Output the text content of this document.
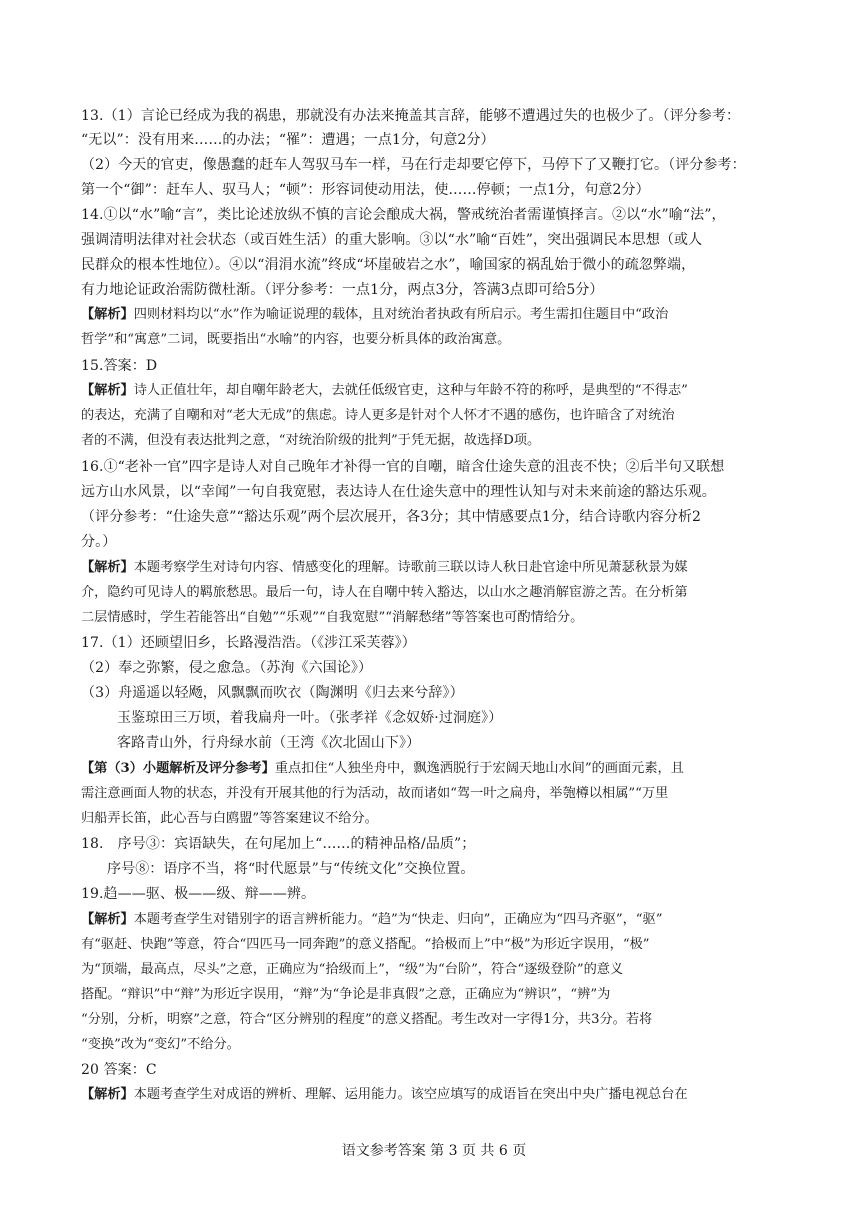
13.（1）言论已经成为我的祸患，那就没有办法来掩盖其言辞，能够不遭遇过失的也极少了。（评分参考：
“无以”：没有用来……的办法；“罹”：遭遇；一点1分，句意2分）
（2）今天的官吏，像愚蠢的赶车人驾驭马车一样，马在行走却要它停下，马停下了又鞭打它。（评分参考：
第一个“御”：赶车人、驭马人；“顿”：形容词使动用法，使……停顿；一点1分，句意2分）
14.①以“水”喻“言”，类比论述放纵不慎的言论会酿成大祸，警戒统治者需谨慎择言。②以“水”喻“法”，
强调清明法律对社会状态（或百姓生活）的重大影响。③以“水”喻“百姓”，突出强调民本思想（或人
民群众的根本性地位）。④以“涓涓水流”终成“坏崖破岩之水”，喻国家的祸乱始于微小的疏忽弊端，
有力地论证政治需防微杜渐。（评分参考：一点1分，两点3分，答满3点即可给5分）
【解析】四则材料均以“水”作为喻证说理的载体，且对统治者执政有所启示。考生需扣住题目中“政治
哲学”和“寓意”二词，既要指出“水喻”的内容，也要分析具体的政治寓意。
15.答案：D
【解析】诗人正值壮年，却自嘲年龄老大，去就任低级官吏，这种与年龄不符的称呼，是典型的“不得志”
的表达，充满了自嘲和对“老大无成”的焦虑。诗人更多是针对个人怀才不遇的感伤，也许暗含了对统治
者的不满，但没有表达批判之意，“对统治阶级的批判”于凭无据，故选择D项。
16.①“老补一官”四字是诗人对自己晚年才补得一官的自嘲，暗含仕途失意的沮丧不快；②后半句又联想
远方山水风景，以“幸闻”一句自我宽慰，表达诗人在仕途失意中的理性认知与对未来前途的豁达乐观。
（评分参考：“仕途失意”“豁达乐观”两个层次展开，各3分；其中情感要点1分，结合诗歌内容分析2
分。）
【解析】本题考察学生对诗句内容、情感变化的理解。诗歌前三联以诗人秋日赴官途中所见萧瑟秋景为媒
介，隐约可见诗人的羁旅愁思。最后一句，诗人在自嘲中转入豁达，以山水之趣消解宦游之苦。在分析第
二层情感时，学生若能答出“自勉”“乐观”“自我宽慰”“消解愁绪”等答案也可酌情给分。
17.（1）还顾望旧乡，长路漫浩浩。（《涉江采芙蓉》）
（2）奉之弥繁，侵之愈急。（苏洵《六国论》）
（3）舟遥遥以轻飏，风飘飘而吹衣（陶渊明《归去来兮辞》）
玉鉴琼田三万顷，着我扁舟一叶。（张孝祥《念奴娇·过洞庭》）
客路青山外，行舟绿水前（王湾《次北固山下》）
【第（3）小题解析及评分参考】重点扣住“人独坐舟中，飘逸洒脱行于宏阔天地山水间”的画面元素，且
需注意画面人物的状态，并没有开展其他的行为活动，故而诸如“驾一叶之扁舟，举匏樽以相属”“万里
归船弄长笛，此心吾与白鸥盟”等答案建议不给分。
18.　序号③：宾语缺失，在句尾加上“……的精神品格/品质”；
序号⑧：语序不当，将“时代愿景”与“传统文化”交换位置。
19.趋——驱、极——级、辩——辨。
【解析】本题考查学生对错别字的语言辨析能力。“趋”为“快走、归向”，正确应为“四马齐驱”，“驱”
有“驱赶、快跑”等意，符合“四匹马一同奔跑”的意义搭配。“拾极而上”中“极”为形近字误用，“极”
为“顶端，最高点，尽头”之意，正确应为“拾级而上”，“级”为“台阶”，符合“逐级登阶”的意义
搭配。“辩识”中“辩”为形近字误用，“辩”为“争论是非真假”之意，正确应为“辨识”，“辨”为
“分别，分析，明察”之意，符合“区分辨别的程度”的意义搭配。考生改对一字得1分，共3分。若将
“变换”改为“变幻”不给分。
20 答案：C
【解析】本题考查学生对成语的辨析、理解、运用能力。该空应填写的成语旨在突出中央广播电视总台在
语文参考答案 第 3 页 共 6 页
